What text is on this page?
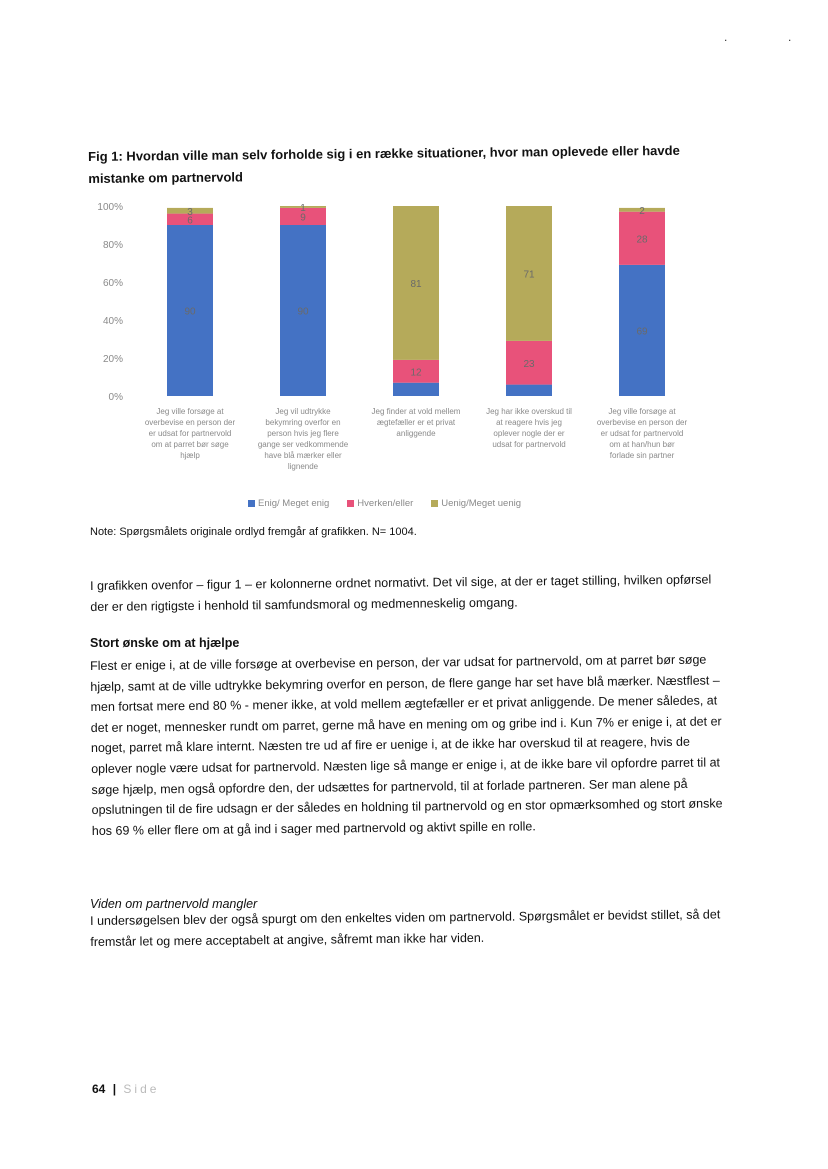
.	.
Fig 1: Hvordan ville man selv forholde sig i en række situationer, hvor man oplevede eller havde mistanke om partnervold
0%
20%
40%
60%
80%
100%
90
6
3
90
9
1
12
81
23
71
69
28
2
Jeg ville forsøge at
overbevise en person der
er udsat for partnervold
om at parret bør søge
hjælp
Jeg vil udtrykke
bekymring overfor en
person hvis jeg flere
gange ser vedkommende
have blå mærker eller
lignende
Jeg finder at vold mellem
ægtefæller er et privat
anliggende
Jeg har ikke overskud til
at reagere hvis jeg
oplever nogle der er
udsat for partnervold
Jeg ville forsøge at
overbevise en person der
er udsat for partnervold
om at han/hun bør
forlade sin partner
Enig/ Meget enig	Hverken/eller	Uenig/Meget uenig
Note: Spørgsmålets originale ordlyd fremgår af grafikken. N= 1004.
I grafikken ovenfor – figur 1 – er kolonnerne ordnet normativt. Det vil sige, at der er taget stilling, hvilken opførsel der er den rigtigste i henhold til samfundsmoral og medmenneskelig omgang.
Stort ønske om at hjælpe
Flest er enige i, at de ville forsøge at overbevise en person, der var udsat for partnervold, om at parret bør søge hjælp, samt at de ville udtrykke bekymring overfor en person, de flere gange har set have blå mærker. Næstflest – men fortsat mere end 80 % - mener ikke, at vold mellem ægtefæller er et privat anliggende. De mener således, at det er noget, mennesker rundt om parret, gerne må have en mening om og gribe ind i. Kun 7% er enige i, at det er noget, parret må klare internt. Næsten tre ud af fire er uenige i, at de ikke har overskud til at reagere, hvis de oplever nogle være udsat for partnervold. Næsten lige så mange er enige i, at de ikke bare vil opfordre parret til at søge hjælp, men også opfordre den, der udsættes for partnervold, til at forlade partneren. Ser man alene på opslutningen til de fire udsagn er der således en holdning til partnervold og en stor opmærksomhed og stort ønske hos 69 % eller flere om at gå ind i sager med partnervold og aktivt spille en rolle.
Viden om partnervold mangler
I undersøgelsen blev der også spurgt om den enkeltes viden om partnervold. Spørgsmålet er bevidst stillet, så det fremstår let og mere acceptabelt at angive, såfremt man ikke har viden.
64 | Side
